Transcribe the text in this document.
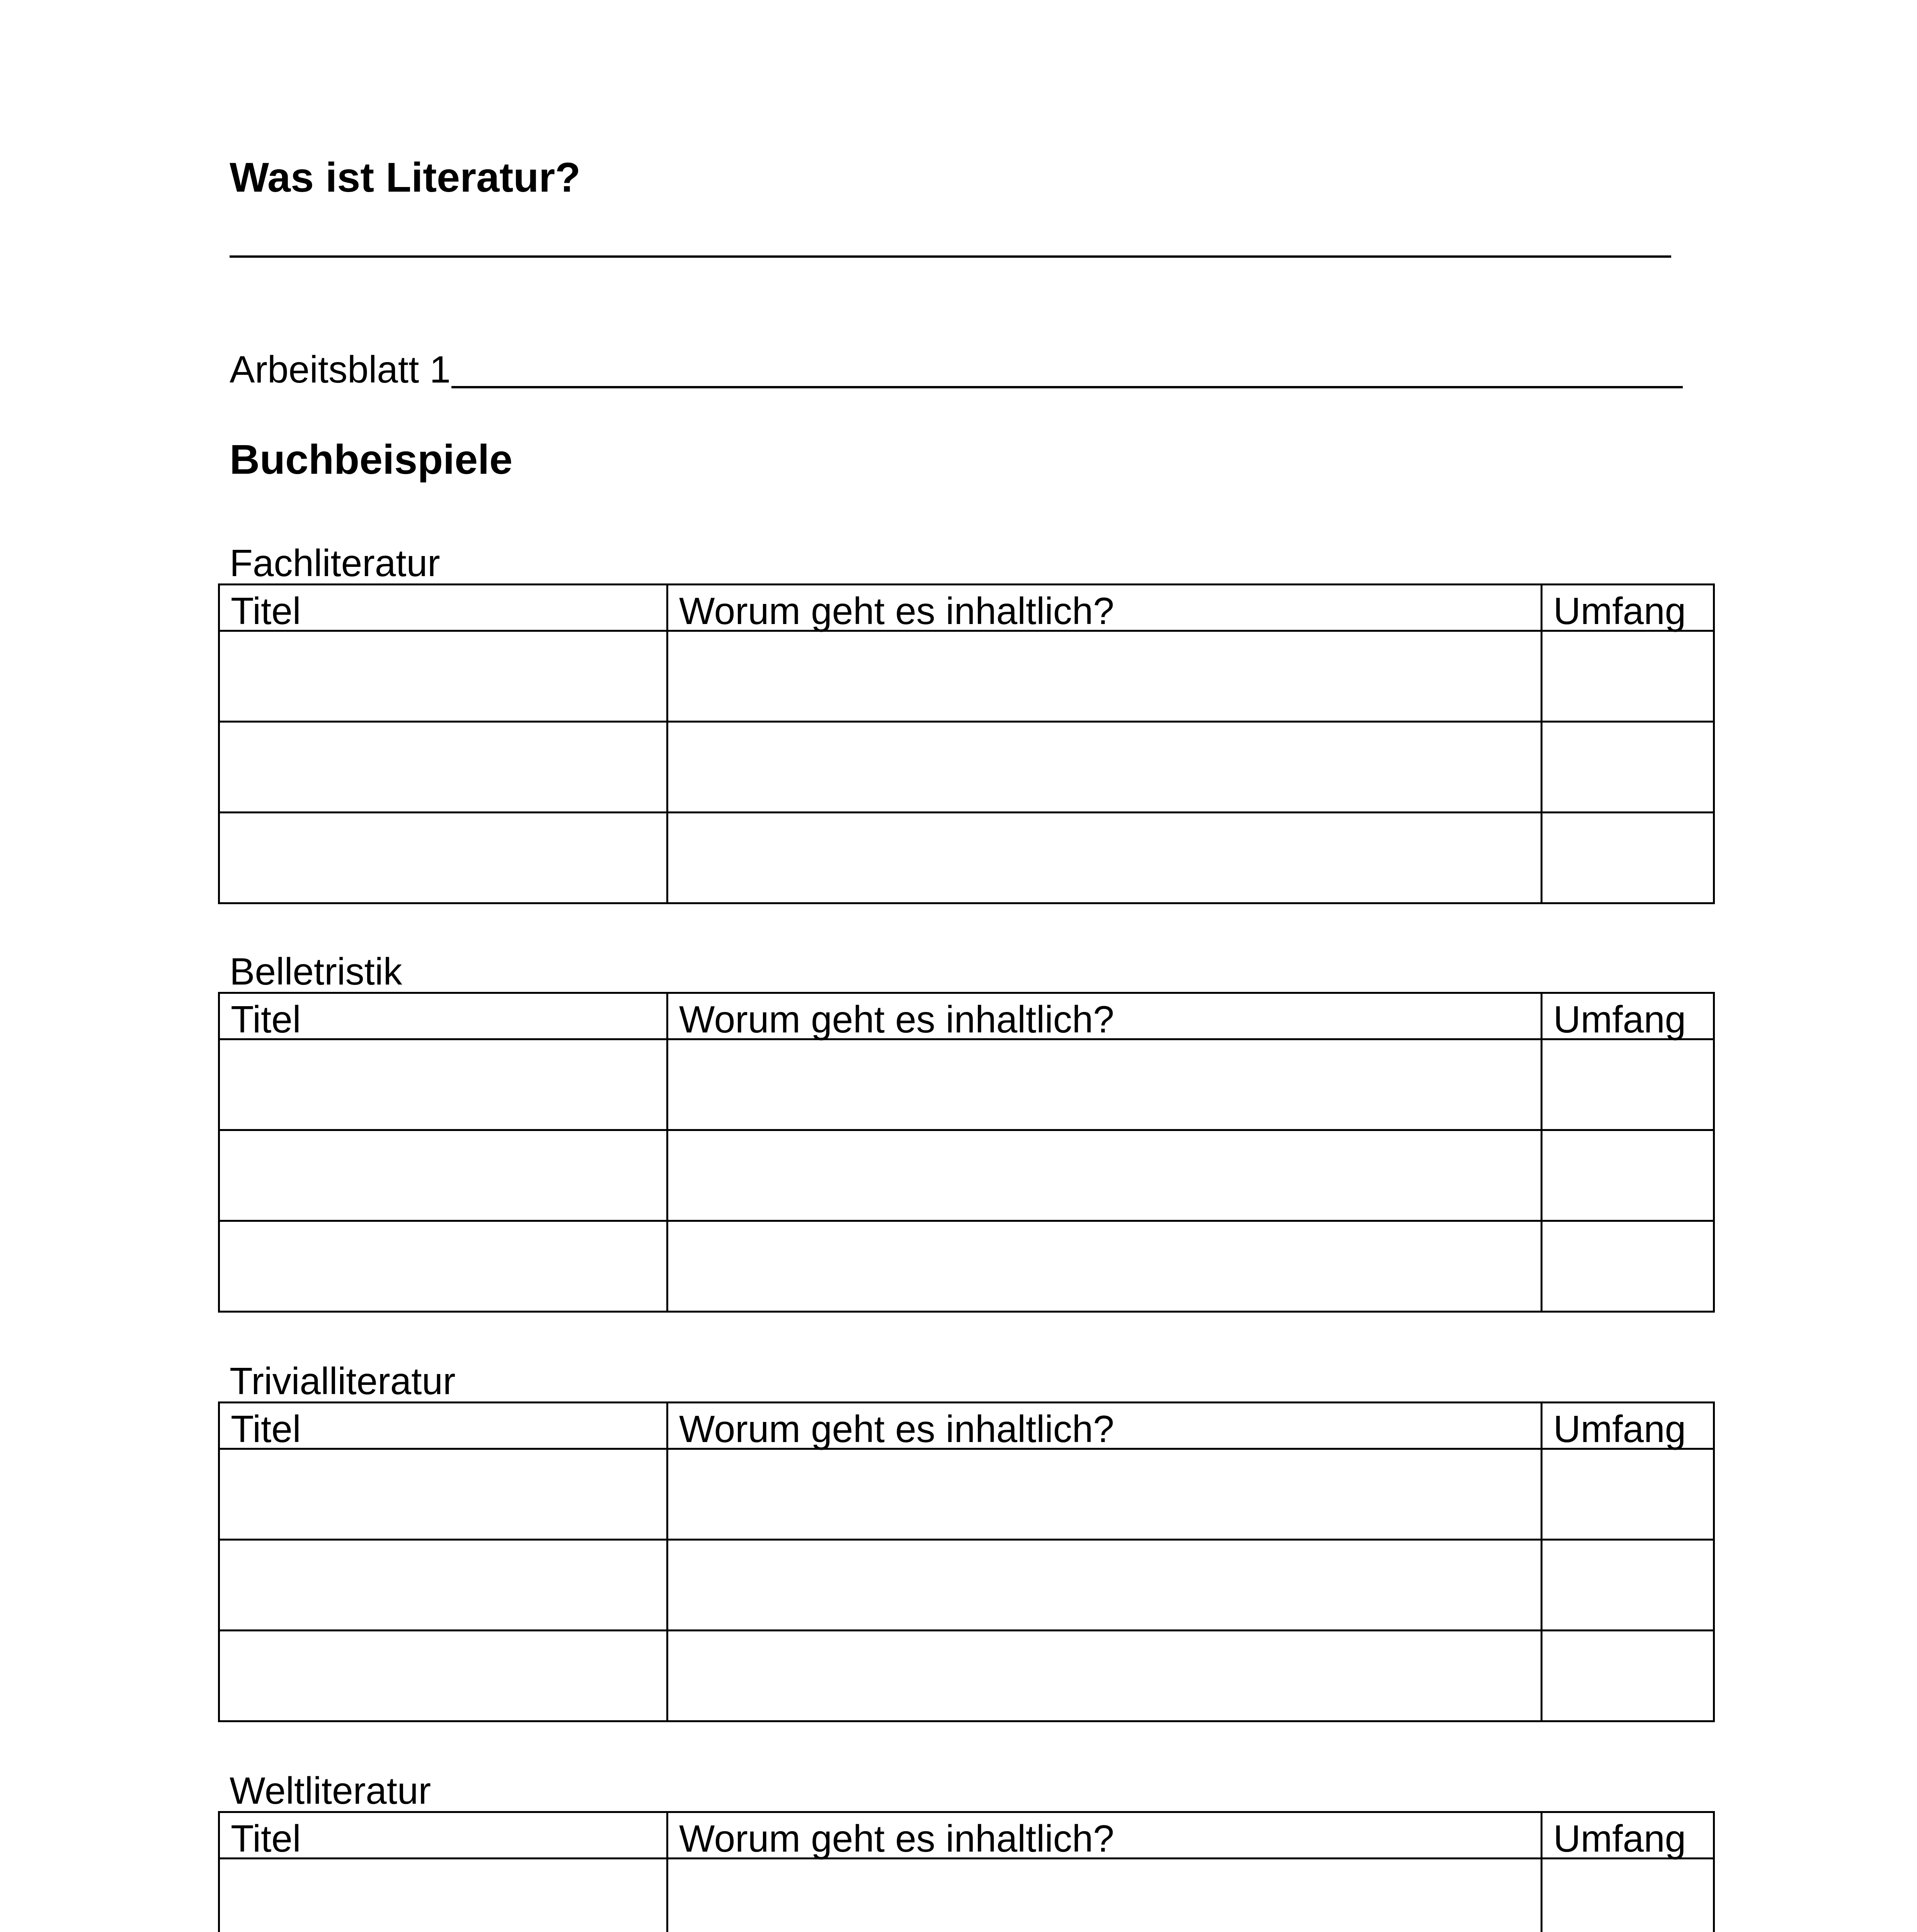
Was ist Literatur?
Arbeitsblatt 1
Buchbeispiele
Fachliteratur
Titel	Worum geht es inhaltlich?	Umfang

Belletristik
Titel	Worum geht es inhaltlich?	Umfang

Trivialliteratur
Titel	Worum geht es inhaltlich?	Umfang

Weltliteratur
Titel	Worum geht es inhaltlich?	Umfang
